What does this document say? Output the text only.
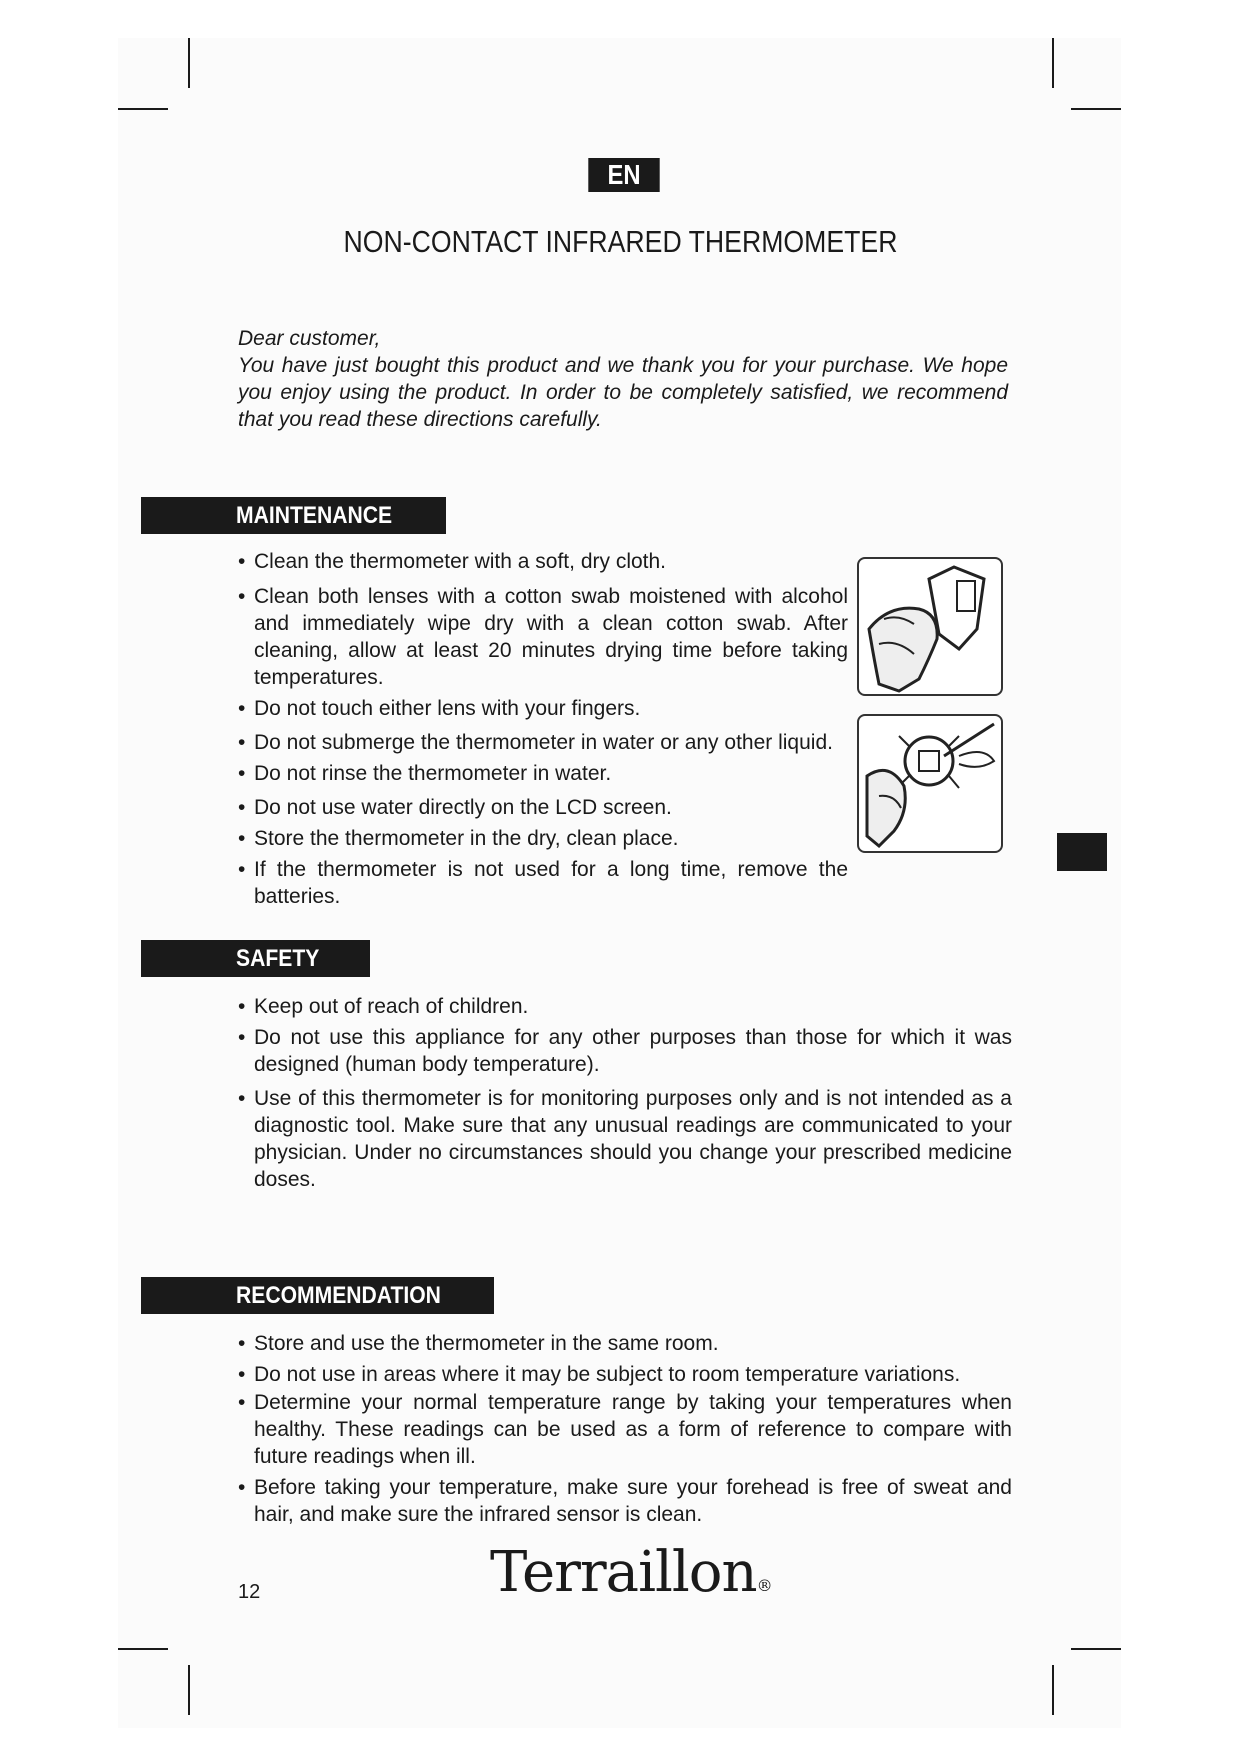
EN
NON-CONTACT INFRARED THERMOMETER

Dear customer,

You have just bought this product and we thank you for your purchase. We hope you enjoy using the product. In order to be completely satisfied, we recommend that you read these directions carefully.

MAINTENANCE
• Clean the thermometer with a soft, dry cloth.
• Clean both lenses with a cotton swab moistened with alcohol and immediately wipe dry with a clean cotton swab. After cleaning, allow at least 20 minutes drying time before taking temperatures.
• Do not touch either lens with your fingers.
• Do not submerge the thermometer in water or any other liquid.
• Do not rinse the thermometer in water.
• Do not use water directly on the LCD screen.
• Store the thermometer in the dry, clean place.
• If the thermometer is not used for a long time, remove the batteries.
SAFETY
• Keep out of reach of children.
• Do not use this appliance for any other purposes than those for which it was designed (human body temperature).
• Use of this thermometer is for monitoring purposes only and is not intended as a diagnostic tool. Make sure that any unusual readings are communicated to your physician. Under no circumstances should you change your prescribed medicine doses.
RECOMMENDATION
• Store and use the thermometer in the same room.
• Do not use in areas where it may be subject to room temperature variations.
• Determine your normal temperature range by taking your temperatures when healthy. These readings can be used as a form of reference to compare with future readings when ill.
• Before taking your temperature, make sure your forehead is free of sweat and hair, and make sure the infrared sensor is clean.
12	Terraillon®
